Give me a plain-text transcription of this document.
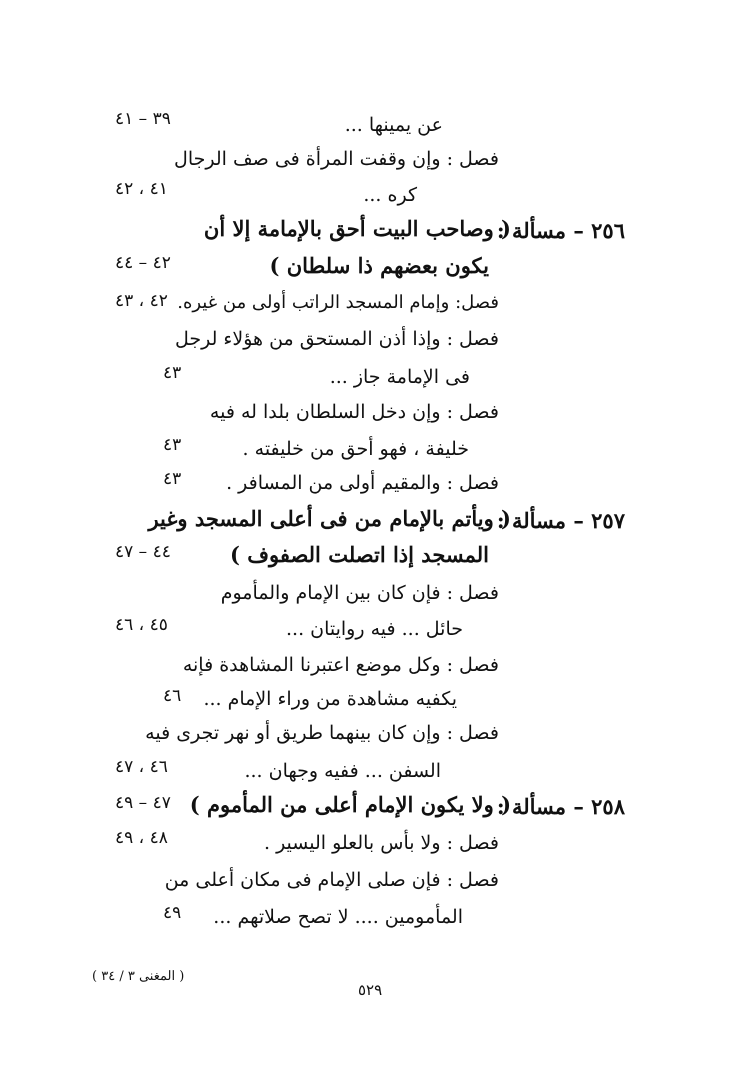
عن يمينها ...
٣٩ – ٤١
فصل : وإن وقفت المرأة فى صف الرجال
كره ...
٤١ ، ٤٢
٢٥٦ – مسألة :
( وصاحب البيت أحق بالإمامة إلا أن
يكون بعضهم ذا سلطان )
٤٢ – ٤٤
فصل: وإمام المسجد الراتب أولى من غيره.
٤٢ ، ٤٣
فصل : وإذا أذن المستحق من هؤلاء لرجل
فى الإمامة جاز ...
٤٣
فصل : وإن دخل السلطان بلدا له فيه
خليفة ، فهو أحق من خليفته .
٤٣
فصل : والمقيم أولى من المسافر .
٤٣
٢٥٧ – مسألة :
( ويأتم بالإمام من فى أعلى المسجد وغير
المسجد إذا اتصلت الصفوف )
٤٤ – ٤٧
فصل : فإن كان بين الإمام والمأموم
حائل ... فيه روايتان ...
٤٥ ، ٤٦
فصل : وكل موضع اعتبرنا المشاهدة فإنه
يكفيه مشاهدة من وراء الإمام ...
٤٦
فصل : وإن كان بينهما طريق أو نهر تجرى فيه
السفن ... ففيه وجهان ...
٤٦ ، ٤٧
٢٥٨ – مسألة :
( ولا يكون الإمام أعلى من المأموم )
٤٧ – ٤٩
فصل : ولا بأس بالعلو اليسير .
٤٨ ، ٤٩
فصل : فإن صلى الإمام فى مكان أعلى من
المأمومين .... لا تصح صلاتهم ...
٤٩
( المغنى ٣ / ٣٤ )
٥٢٩
